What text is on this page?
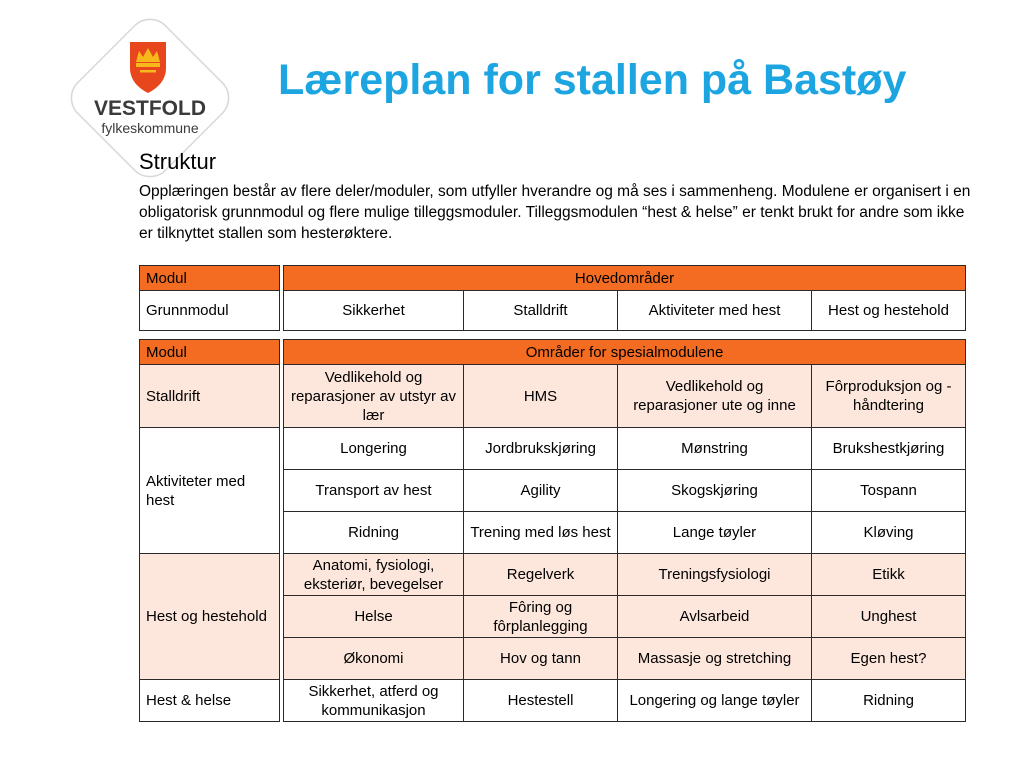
VESTFOLD
fylkeskommune
Læreplan for stallen på Bastøy
Struktur

Opplæringen består av flere deler/moduler, som utfyller hverandre og må ses i sammenheng. Modulene er organisert i en obligatorisk grunnmodul og flere mulige tilleggsmoduler. Tilleggsmodulen “hest & helse” er tenkt brukt for andre som ikke er tilknyttet stallen som hesterøktere.

Modul		Hovedområder			
Grunnmodul		Sikkerhet	Stalldrift	Aktiviteter med hest	Hest og hestehold
Modul		Områder for spesialmodulene			
Stalldrift		Vedlikehold og reparasjoner av utstyr av lær	HMS	Vedlikehold og reparasjoner ute og inne	Fôrproduksjon og -håndtering
Aktiviteter med hest		Longering	Jordbrukskjøring	Mønstring	Brukshestkjøring
		Transport av hest	Agility	Skogskjøring	Tospann
		Ridning	Trening med løs hest	Lange tøyler	Kløving
Hest og hestehold		Anatomi, fysiologi, eksteriør, bevegelser	Regelverk	Treningsfysiologi	Etikk
		Helse	Fôring og fôrplanlegging	Avlsarbeid	Unghest
		Økonomi	Hov og tann	Massasje og stretching	Egen hest?
Hest & helse		Sikkerhet, atferd og kommunikasjon	Hestestell	Longering og lange tøyler	Ridning
